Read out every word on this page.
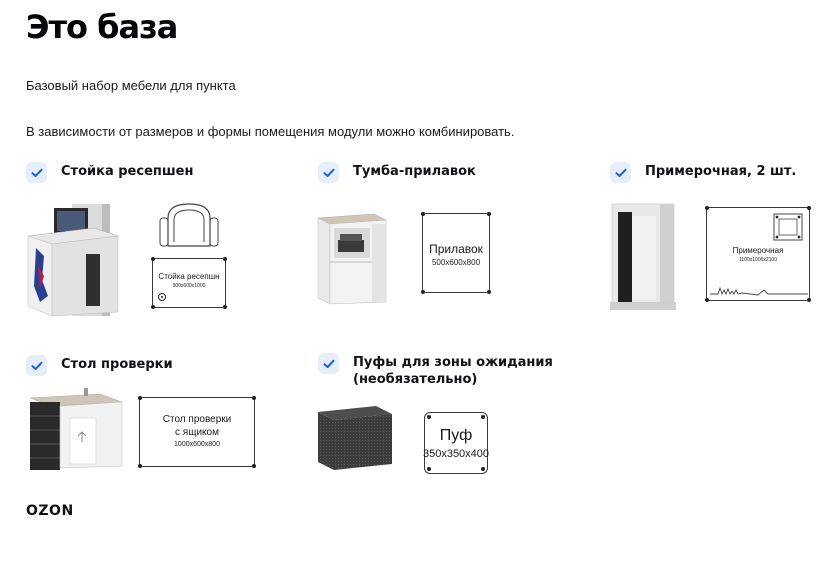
Это база

Базовый набор мебели для пункта

В зависимости от размеров и формы помещения модули можно комбинировать.

Стойка ресепшен
Стойка ресепшн
900x600x1000
Тумба-прилавок
Прилавок
500x600x800
Примерочная, 2 шт.
Примерочная
1100x1000x2100
Стол проверки
Стол проверки
с ящиком
1000x600x800
Пуфы для зоны ожидания
(необязательно)
Пуф
350x350x400
OZON
